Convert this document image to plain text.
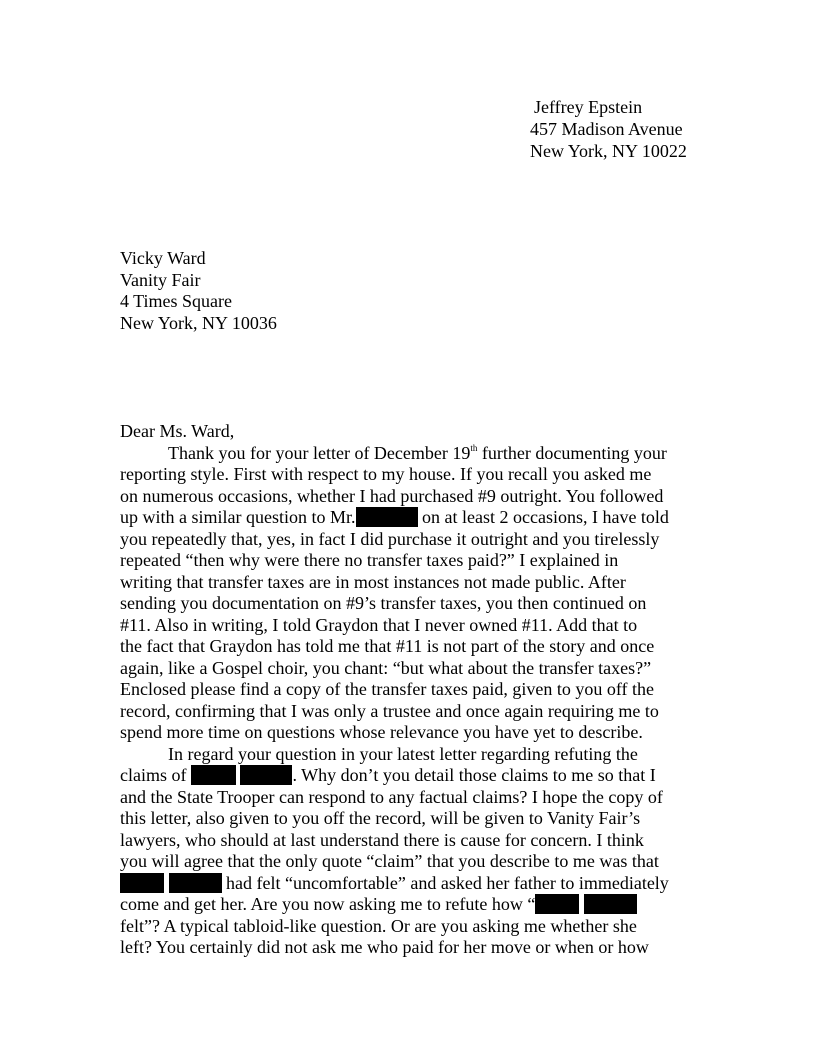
Jeffrey Epstein
457 Madison Avenue
New York, NY 10022
Vicky Ward
Vanity Fair
4 Times Square
New York, NY 10036
Dear Ms. Ward,
Thank you for your letter of December 19th further documenting your
reporting style. First with respect to my house. If you recall you asked me
on numerous occasions, whether I had purchased #9 outright. You followed
up with a similar question to Mr.	on at least 2 occasions, I have told
you repeatedly that, yes, in fact I did purchase it outright and you tirelessly
repeated “then why were there no transfer taxes paid?” I explained in
writing that transfer taxes are in most instances not made public. After
sending you documentation on #9’s transfer taxes, you then continued on
#11. Also in writing, I told Graydon that I never owned #11. Add that to
the fact that Graydon has told me that #11 is not part of the story and once
again, like a Gospel choir, you chant: “but what about the transfer taxes?”
Enclosed please find a copy of the transfer taxes paid, given to you off the
record, confirming that I was only a trustee and once again requiring me to
spend more time on questions whose relevance you have yet to describe.
In regard your question in your latest letter regarding refuting the
claims of	. Why don’t you detail those claims to me so that I
and the State Trooper can respond to any factual claims? I hope the copy of
this letter, also given to you off the record, will be given to Vanity Fair’s
lawyers, who should at last understand there is cause for concern. I think
you will agree that the only quote “claim” that you describe to me was that
had felt “uncomfortable” and asked her father to immediately
come and get her. Are you now asking me to refute how “
felt”? A typical tabloid-like question. Or are you asking me whether she
left? You certainly did not ask me who paid for her move or when or how
